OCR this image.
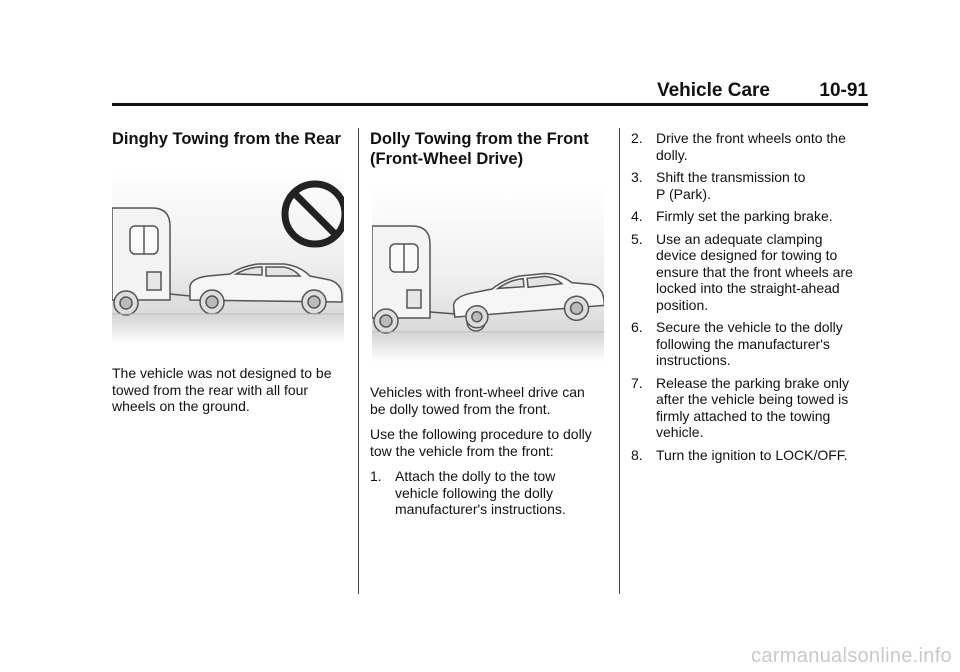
Vehicle Care	10-91
Dinghy Towing from the Rear

The vehicle was not designed to be

towed from the rear with all four

wheels on the ground.

Dolly Towing from the Front
(Front-Wheel Drive)

Vehicles with front-wheel drive can

be dolly towed from the front.

Use the following procedure to dolly

tow the vehicle from the front:

1. Attach the dolly to the tow
vehicle following the dolly
manufacturer's instructions.
2. Drive the front wheels onto the
dolly.
3. Shift the transmission to
P (Park).
4. Firmly set the parking brake.
5. Use an adequate clamping
device designed for towing to
ensure that the front wheels are
locked into the straight-ahead
position.
6. Secure the vehicle to the dolly
following the manufacturer's
instructions.
7. Release the parking brake only
after the vehicle being towed is
firmly attached to the towing
vehicle.
8. Turn the ignition to LOCK/OFF.
carmanualsonline.info
